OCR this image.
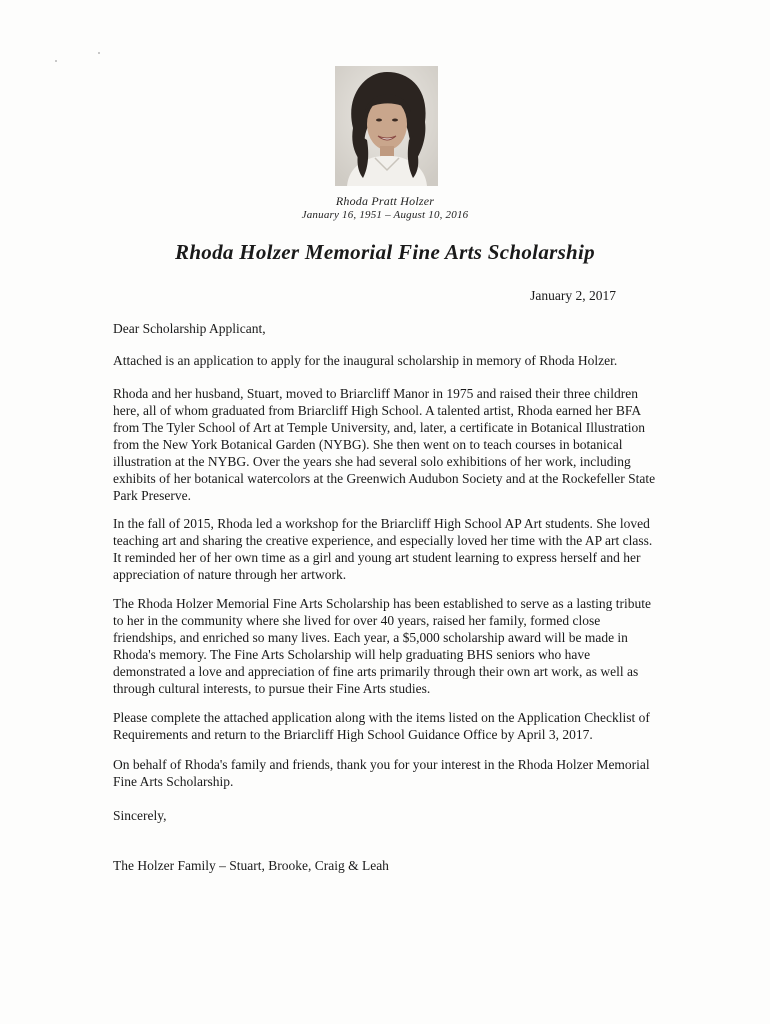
Rhoda Pratt Holzer
January 16, 1951 – August 10, 2016
Rhoda Holzer Memorial Fine Arts Scholarship
January 2, 2017

Dear Scholarship Applicant,

Attached is an application to apply for the inaugural scholarship in memory of Rhoda Holzer.

Rhoda and her husband, Stuart, moved to Briarcliff Manor in 1975 and raised their three children here, all of whom graduated from Briarcliff High School. A talented artist, Rhoda earned her BFA from The Tyler School of Art at Temple University, and, later, a certificate in Botanical Illustration from the New York Botanical Garden (NYBG). She then went on to teach courses in botanical illustration at the NYBG. Over the years she had several solo exhibitions of her work, including exhibits of her botanical watercolors at the Greenwich Audubon Society and at the Rockefeller State Park Preserve.

In the fall of 2015, Rhoda led a workshop for the Briarcliff High School AP Art students. She loved teaching art and sharing the creative experience, and especially loved her time with the AP art class. It reminded her of her own time as a girl and young art student learning to express herself and her appreciation of nature through her artwork.

The Rhoda Holzer Memorial Fine Arts Scholarship has been established to serve as a lasting tribute to her in the community where she lived for over 40 years, raised her family, formed close friendships, and enriched so many lives. Each year, a $5,000 scholarship award will be made in Rhoda's memory. The Fine Arts Scholarship will help graduating BHS seniors who have demonstrated a love and appreciation of fine arts primarily through their own art work, as well as through cultural interests, to pursue their Fine Arts studies.

Please complete the attached application along with the items listed on the Application Checklist of Requirements and return to the Briarcliff High School Guidance Office by April 3, 2017.

On behalf of Rhoda's family and friends, thank you for your interest in the Rhoda Holzer Memorial Fine Arts Scholarship.

Sincerely,

The Holzer Family – Stuart, Brooke, Craig & Leah
